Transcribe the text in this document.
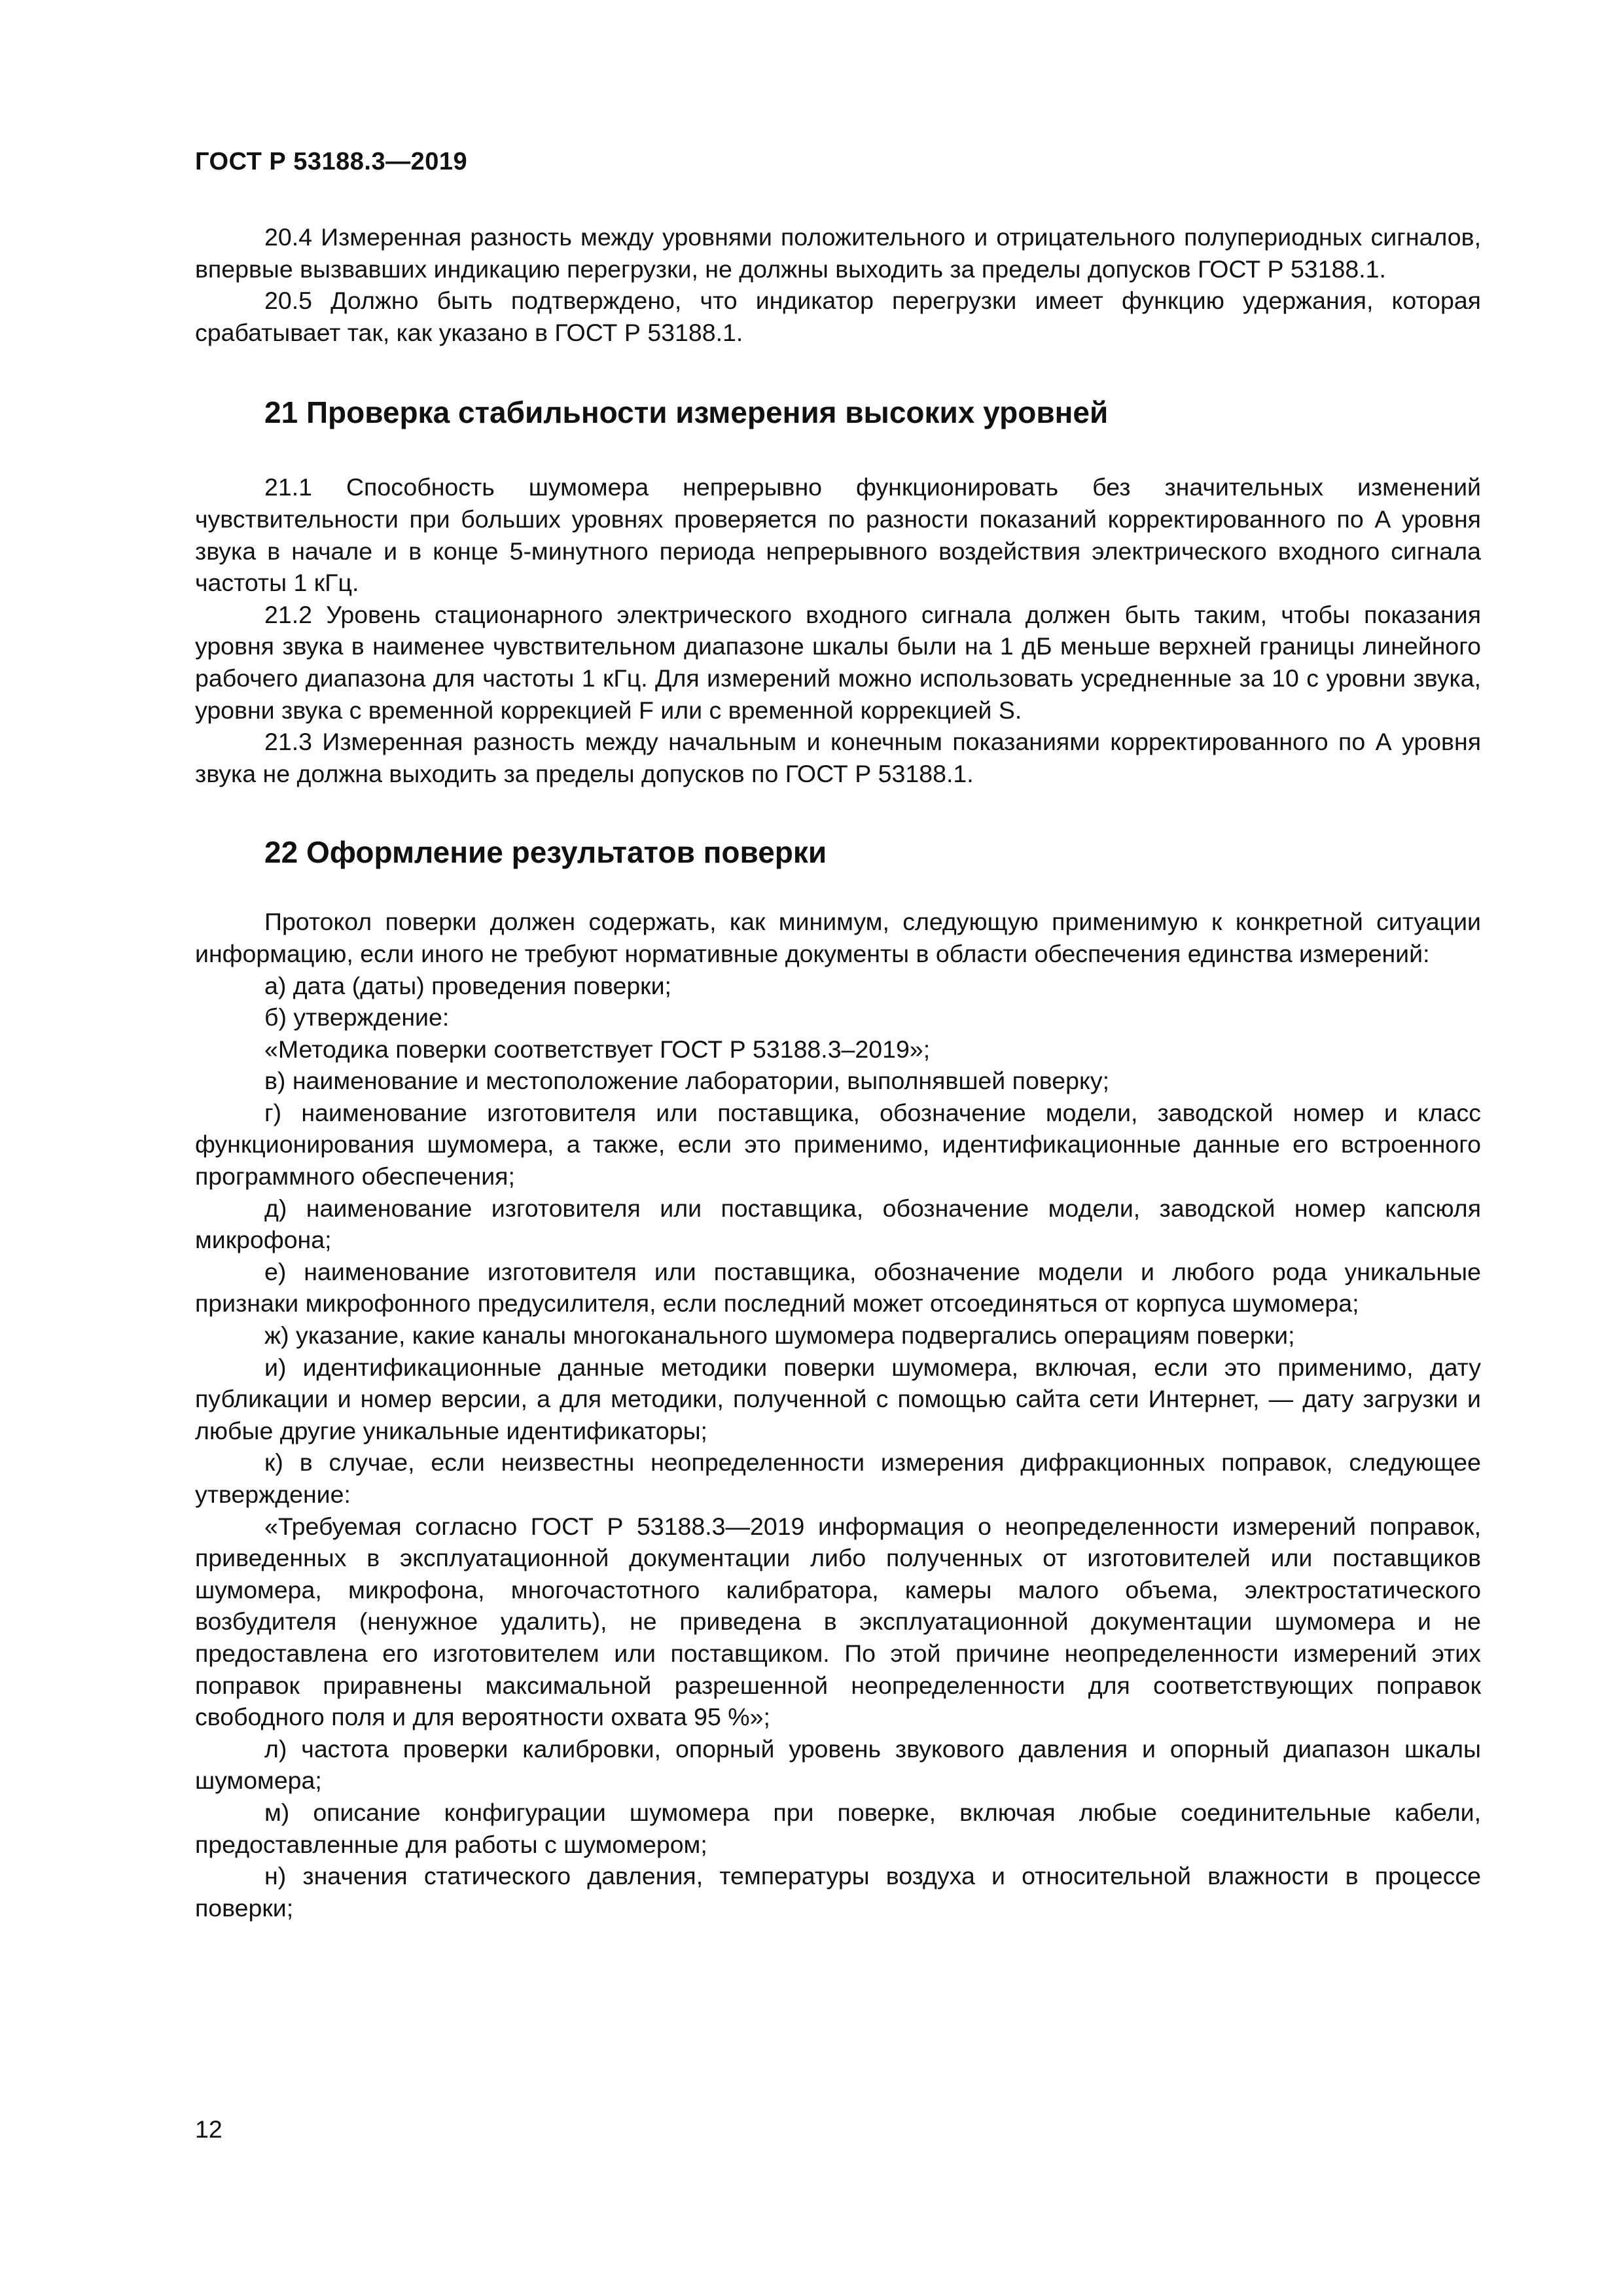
ГОСТ Р 53188.3—2019

20.4 Измеренная разность между уровнями положительного и отрицательного полупериодных сигналов, впервые вызвавших индикацию перегрузки, не должны выходить за пределы допусков ГОСТ Р 53188.1.

20.5 Должно быть подтверждено, что индикатор перегрузки имеет функцию удержания, которая срабатывает так, как указано в ГОСТ Р 53188.1.

21 Проверка стабильности измерения высоких уровней

21.1 Способность шумомера непрерывно функционировать без значительных изменений чувствительности при больших уровнях проверяется по разности показаний корректированного по А уровня звука в начале и в конце 5-минутного периода непрерывного воздействия электрического входного сигнала частоты 1 кГц.

21.2 Уровень стационарного электрического входного сигнала должен быть таким, чтобы показания уровня звука в наименее чувствительном диапазоне шкалы были на 1 дБ меньше верхней границы линейного рабочего диапазона для частоты 1 кГц. Для измерений можно использовать усредненные за 10 с уровни звука, уровни звука с временной коррекцией F или с временной коррекцией S.

21.3 Измеренная разность между начальным и конечным показаниями корректированного по А уровня звука не должна выходить за пределы допусков по ГОСТ Р 53188.1.

22 Оформление результатов поверки

Протокол поверки должен содержать, как минимум, следующую применимую к конкретной ситуации информацию, если иного не требуют нормативные документы в области обеспечения единства измерений:

а) дата (даты) проведения поверки;

б) утверждение:

«Методика поверки соответствует ГОСТ Р 53188.3–2019»;

в) наименование и местоположение лаборатории, выполнявшей поверку;

г) наименование изготовителя или поставщика, обозначение модели, заводской номер и класс функционирования шумомера, а также, если это применимо, идентификационные данные его встроенного программного обеспечения;

д) наименование изготовителя или поставщика, обозначение модели, заводской номер капсюля микрофона;

е) наименование изготовителя или поставщика, обозначение модели и любого рода уникальные признаки микрофонного предусилителя, если последний может отсоединяться от корпуса шумомера;

ж) указание, какие каналы многоканального шумомера подвергались операциям поверки;

и) идентификационные данные методики поверки шумомера, включая, если это применимо, дату публикации и номер версии, а для методики, полученной с помощью сайта сети Интернет, — дату загрузки и любые другие уникальные идентификаторы;

к) в случае, если неизвестны неопределенности измерения дифракционных поправок, следующее утверждение:

«Требуемая согласно ГОСТ Р 53188.3—2019 информация о неопределенности измерений поправок, приведенных в эксплуатационной документации либо полученных от изготовителей или поставщиков шумомера, микрофона, многочастотного калибратора, камеры малого объема, электростатического возбудителя (ненужное удалить), не приведена в эксплуатационной документации шумомера и не предоставлена его изготовителем или поставщиком. По этой причине неопределенности измерений этих поправок приравнены максимальной разрешенной неопределенности для соответствующих поправок свободного поля и для вероятности охвата 95 %»;

л) частота проверки калибровки, опорный уровень звукового давления и опорный диапазон шкалы шумомера;

м) описание конфигурации шумомера при поверке, включая любые соединительные кабели, предоставленные для работы с шумомером;

н) значения статического давления, температуры воздуха и относительной влажности в процессе поверки;

12
